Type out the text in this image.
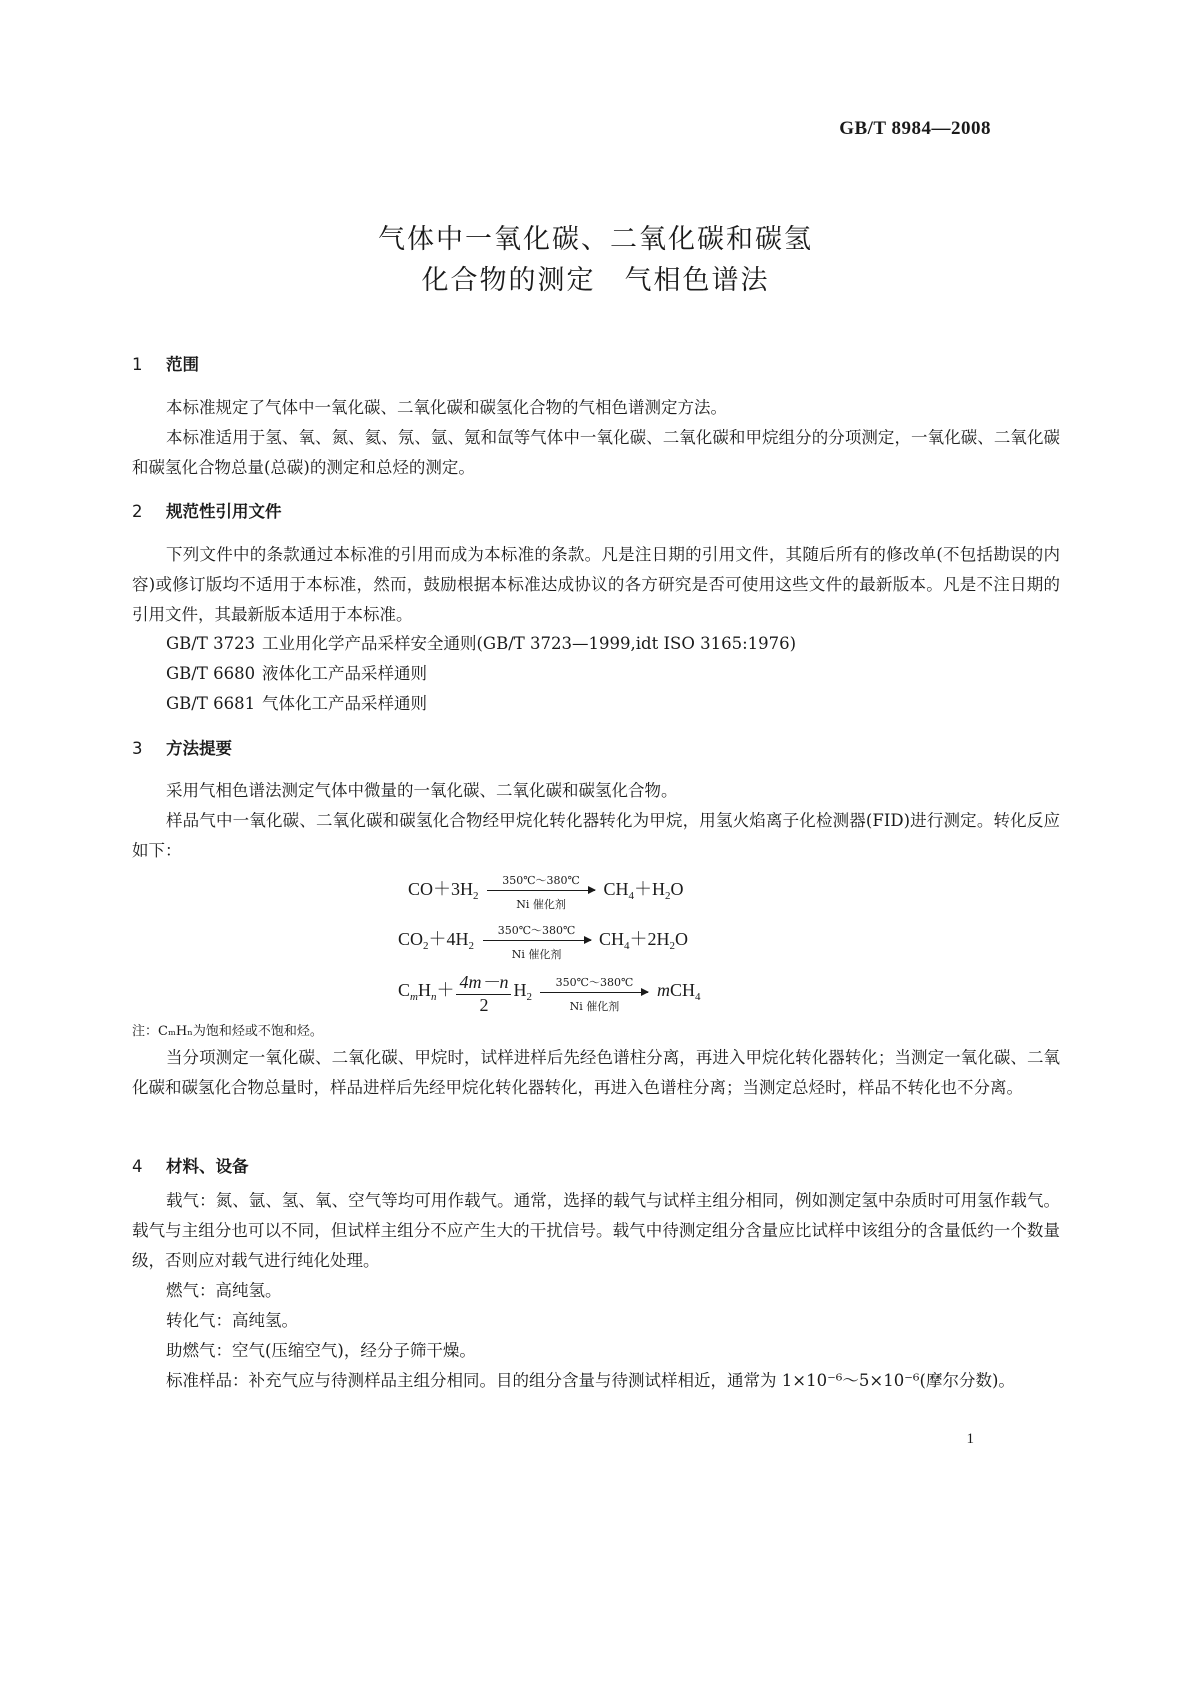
GB/T 8984—2008
气体中一氧化碳、二氧化碳和碳氢
化合物的测定　气相色谱法
1 范围
本标准规定了气体中一氧化碳、二氧化碳和碳氢化合物的气相色谱测定方法。
本标准适用于氢、氧、氮、氦、氖、氩、氪和氙等气体中一氧化碳、二氧化碳和甲烷组分的分项测定，一氧化碳、二氧化碳和碳氢化合物总量(总碳)的测定和总烃的测定。
2 规范性引用文件
下列文件中的条款通过本标准的引用而成为本标准的条款。凡是注日期的引用文件，其随后所有的修改单(不包括勘误的内容)或修订版均不适用于本标准，然而，鼓励根据本标准达成协议的各方研究是否可使用这些文件的最新版本。凡是不注日期的引用文件，其最新版本适用于本标准。
GB/T 3723 工业用化学产品采样安全通则(GB/T 3723—1999,idt ISO 3165:1976)
GB/T 6680 液体化工产品采样通则
GB/T 6681 气体化工产品采样通则
3 方法提要
采用气相色谱法测定气体中微量的一氧化碳、二氧化碳和碳氢化合物。
样品气中一氧化碳、二氧化碳和碳氢化合物经甲烷化转化器转化为甲烷，用氢火焰离子化检测器(FID)进行测定。转化反应如下：
$CO+3H_2$
350℃～380℃
Ni 催化剂
$CH_4+H_2O$
$CO_2+4H_2$
350℃～380℃
Ni 催化剂
$CH_4+2H_2O$
$C_mH_n+ \frac{4m-n}{2} H_2$
350℃～380℃
Ni 催化剂
mCH$_4$
注：CₘHₙ为饱和烃或不饱和烃。
当分项测定一氧化碳、二氧化碳、甲烷时，试样进样后先经色谱柱分离，再进入甲烷化转化器转化；当测定一氧化碳、二氧化碳和碳氢化合物总量时，样品进样后先经甲烷化转化器转化，再进入色谱柱分离；当测定总烃时，样品不转化也不分离。
4 材料、设备
载气：氮、氩、氢、氧、空气等均可用作载气。通常，选择的载气与试样主组分相同，例如测定氢中杂质时可用氢作载气。载气与主组分也可以不同，但试样主组分不应产生大的干扰信号。载气中待测定组分含量应比试样中该组分的含量低约一个数量级，否则应对载气进行纯化处理。
燃气：高纯氢。
转化气：高纯氢。
助燃气：空气(压缩空气)，经分子筛干燥。
标准样品：补充气应与待测样品主组分相同。目的组分含量与待测试样相近，通常为 1×10⁻⁶～5×10⁻⁶(摩尔分数)。
1
